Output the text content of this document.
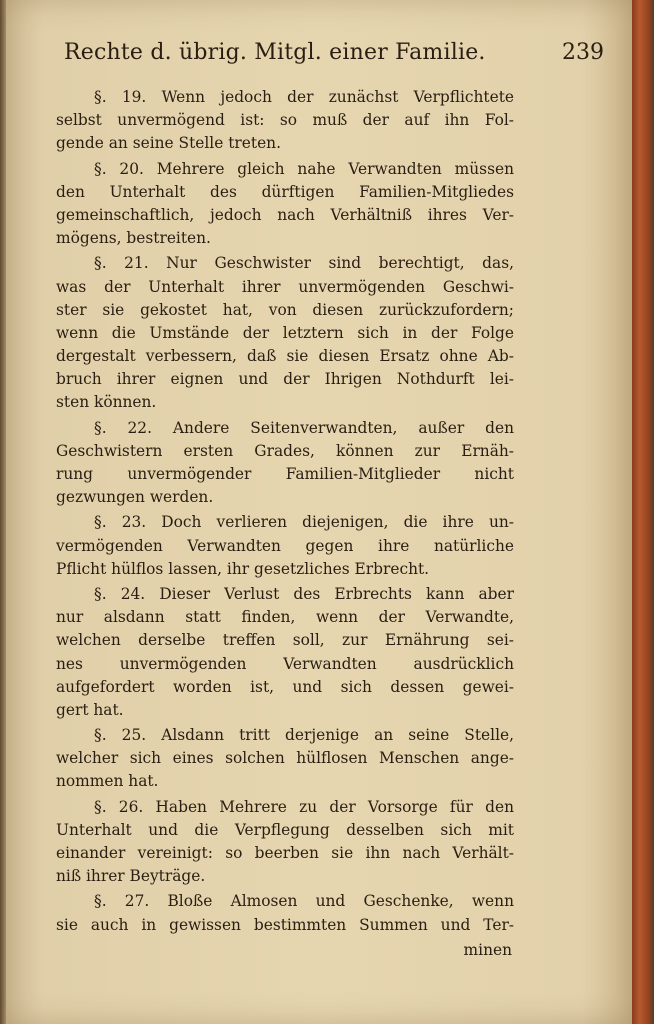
Rechte d. übrig. Mitgl. einer Familie.	239

§. 19. Wenn jedoch der zunächst Verpflichtete
selbst unvermögend ist: so muß der auf ihn Fol-
gende an seine Stelle treten.

§. 20. Mehrere gleich nahe Verwandten müssen
den Unterhalt des dürftigen Familien-Mitgliedes
gemeinschaftlich, jedoch nach Verhältniß ihres Ver-
mögens, bestreiten.

§. 21. Nur Geschwister sind berechtigt, das,
was der Unterhalt ihrer unvermögenden Geschwi-
ster sie gekostet hat, von diesen zurückzufordern;
wenn die Umstände der letztern sich in der Folge
dergestalt verbessern, daß sie diesen Ersatz ohne Ab-
bruch ihrer eignen und der Ihrigen Nothdurft lei-
sten können.

§. 22. Andere Seitenverwandten, außer den
Geschwistern ersten Grades, können zur Ernäh-
rung unvermögender Familien-Mitglieder nicht
gezwungen werden.

§. 23. Doch verlieren diejenigen, die ihre un-
vermögenden Verwandten gegen ihre natürliche
Pflicht hülflos lassen, ihr gesetzliches Erbrecht.

§. 24. Dieser Verlust des Erbrechts kann aber
nur alsdann statt finden, wenn der Verwandte,
welchen derselbe treffen soll, zur Ernährung sei-
nes unvermögenden Verwandten ausdrücklich
aufgefordert worden ist, und sich dessen gewei-
gert hat.

§. 25. Alsdann tritt derjenige an seine Stelle,
welcher sich eines solchen hülflosen Menschen ange-
nommen hat.

§. 26. Haben Mehrere zu der Vorsorge für den
Unterhalt und die Verpflegung desselben sich mit
einander vereinigt: so beerben sie ihn nach Verhält-
niß ihrer Beyträge.

§. 27. Bloße Almosen und Geschenke, wenn
sie auch in gewissen bestimmten Summen und Ter-

minen
